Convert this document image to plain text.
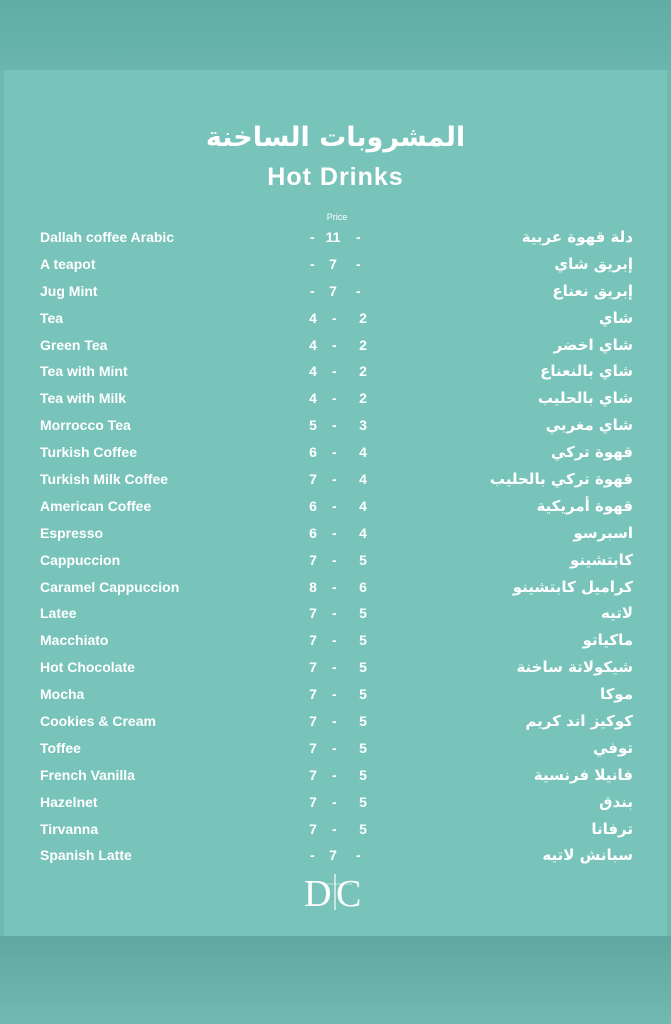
المشروبات الساخنة
Hot Drinks
Price
Dallah coffee Arabic	- 11	-	دلة قهوة عربية
A teapot	-	7	-	إبريق شاي
Jug Mint	-	7	-	إبريق نعناع
Tea	4 - 2	شاي
Green Tea	4 - 2	شاي اخضر
Tea with Mint	4 - 2	شاي بالنعناع
Tea with Milk	4 - 2	شاي بالحليب
Morrocco Tea	5 - 3	شاي مغربي
Turkish Coffee	6 - 4	قهوة تركي
Turkish Milk Coffee	7 - 4	قهوة تركي بالحليب
American Coffee	6 - 4	قهوة أمريكية
Espresso	6 - 4	اسبرسو
Cappuccion	7 - 5	كابتشينو
Caramel Cappuccion	8 - 6	كراميل كابتشينو
Latee	7 - 5	لاتيه
Macchiato	7 - 5	ماكياتو
Hot Chocolate	7 - 5	شيكولاتة ساخنة
Mocha	7 - 5	موكا
Cookies & Cream	7 - 5	كوكيز اند كريم
Toffee	7 - 5	توفي
French Vanilla	7 - 5	فانيلا فرنسية
Hazelnet	7 - 5	بندق
Tirvanna	7 - 5	ترفانا
Spanish Latte	-	7	-	سبانش لاتيه
D C
